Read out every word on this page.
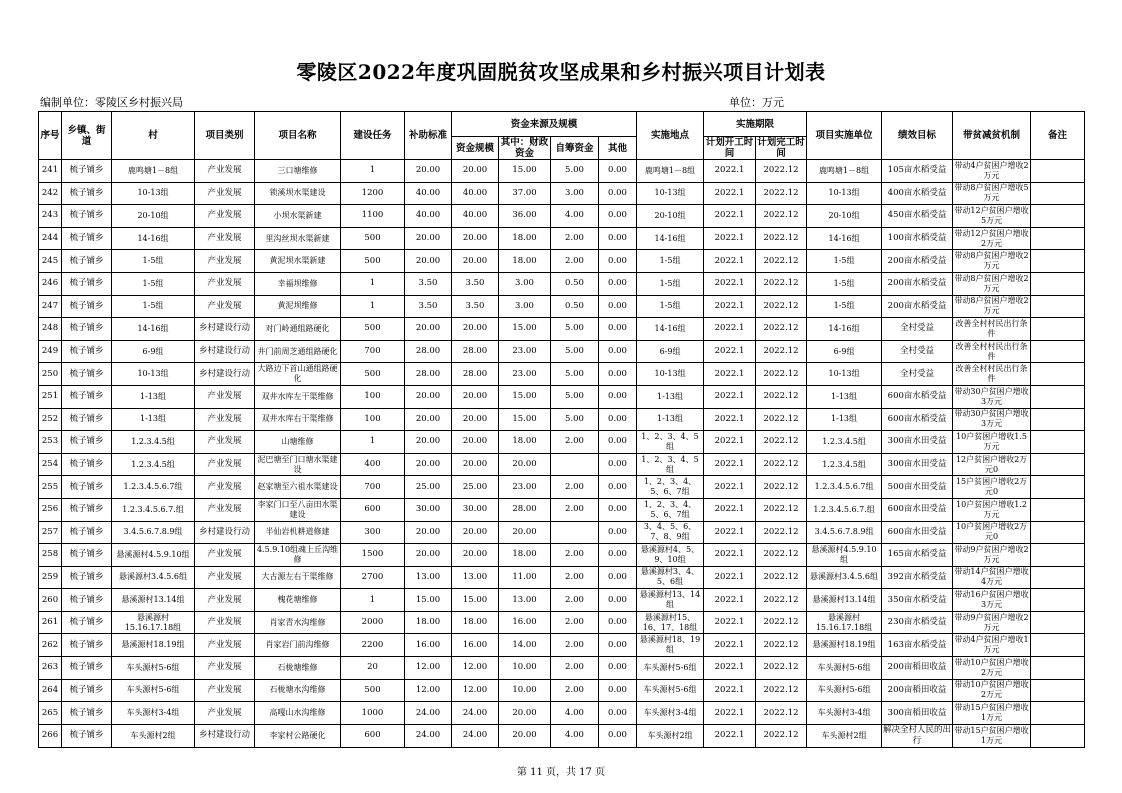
零陵区2022年度巩固脱贫攻坚成果和乡村振兴项目计划表
编制单位：零陵区乡村振兴局	单位：万元
序号	乡镇、街道	村	项目类别	项目名称	建设任务	补助标准	资金来源及规模				实施地点	实施期限		项目实施单位	绩效目标	带贫减贫机制	备注
							资金规模	其中：财政资金	自筹资金	其他		计划开工时间	计划完工时间				
241	梳子铺乡	鹿鸣塘1－8组	产业发展	三口塘维修	1	20.00	20.00	15.00	5.00	0.00	鹿鸣塘1－8组	2022.1	2022.12	鹿鸣塘1－8组	105亩水稻受益	带动4户贫困户增收2万元	
242	梳子铺乡	10-13组	产业发展	锁溪坝水渠建设	1200	40.00	40.00	37.00	3.00	0.00	10-13组	2022.1	2022.12	10-13组	400亩水稻受益	带动8户贫困户增收5万元	
243	梳子铺乡	20-10组	产业发展	小坝水渠新建	1100	40.00	40.00	36.00	4.00	0.00	20-10组	2022.1	2022.12	20-10组	450亩水稻受益	带动12户贫困户增收5万元	
244	梳子铺乡	14-16组	产业发展	里沟丝坝水渠新建	500	20.00	20.00	18.00	2.00	0.00	14-16组	2022.1	2022.12	14-16组	100亩水稻受益	带动12户贫困户增收2万元	
245	梳子铺乡	1-5组	产业发展	黄泥坝水渠新建	500	20.00	20.00	18.00	2.00	0.00	1-5组	2022.1	2022.12	1-5组	200亩水稻受益	带动8户贫困户增收2万元	
246	梳子铺乡	1-5组	产业发展	幸福坝维修	1	3.50	3.50	3.00	0.50	0.00	1-5组	2022.1	2022.12	1-5组	200亩水稻受益	带动8户贫困户增收2万元	
247	梳子铺乡	1-5组	产业发展	黄泥坝维修	1	3.50	3.50	3.00	0.50	0.00	1-5组	2022.1	2022.12	1-5组	200亩水稻受益	带动8户贫困户增收2万元	
248	梳子铺乡	14-16组	乡村建设行动	对门岭通组路硬化	500	20.00	20.00	15.00	5.00	0.00	14-16组	2022.1	2022.12	14-16组	全村受益	改善全村村民出行条件	
249	梳子铺乡	6-9组	乡村建设行动	井门前周芝通组路硬化	700	28.00	28.00	23.00	5.00	0.00	6-9组	2022.1	2022.12	6-9组	全村受益	改善全村村民出行条件	
250	梳子铺乡	10-13组	乡村建设行动	大路边下首山通组路硬化	500	28.00	28.00	23.00	5.00	0.00	10-13组	2022.1	2022.12	10-13组	全村受益	改善全村村民出行条件	
251	梳子铺乡	1-13组	产业发展	双井水库左干渠维修	100	20.00	20.00	15.00	5.00	0.00	1-13组	2022.1	2022.12	1-13组	600亩水稻受益	带动30户贫困户增收3万元	
252	梳子铺乡	1-13组	产业发展	双井水库右干渠维修	100	20.00	20.00	15.00	5.00	0.00	1-13组	2022.1	2022.12	1-13组	600亩水稻受益	带动30户贫困户增收3万元	
253	梳子铺乡	1.2.3.4.5组	产业发展	山塘维修	1	20.00	20.00	18.00	2.00	0.00	1、2、3、4、5组	2022.1	2022.12	1.2.3.4.5组	300亩水田受益	10户贫困户增收1.5万元	
254	梳子铺乡	1.2.3.4.5组	产业发展	泥巴塘至门口塘水渠建设	400	20.00	20.00	20.00		0.00	1、2、3、4、5组	2022.1	2022.12	1.2.3.4.5组	300亩水田受益	12户贫困户增收2万元0	
255	梳子铺乡	1.2.3.4.5.6.7组	产业发展	赵家塘至六祖水渠建设	700	25.00	25.00	23.00	2.00	0.00	1、2、3、4、5、6、7组	2022.1	2022.12	1.2.3.4.5.6.7组	500亩水田受益	15户贫困户增收2万元0	
256	梳子铺乡	1.2.3.4.5.6.7.组	产业发展	李家门口至八亩田水渠建设	600	30.00	30.00	28.00	2.00	0.00	1、2、3、4、5、6、7组	2022.1	2022.12	1.2.3.4.5.6.7.组	600亩水田受益	10户贫困户增收1.2万元	
257	梳子铺乡	3.4.5.6.7.8.9组	乡村建设行动	半仙岩机耕道修建	300	20.00	20.00	20.00		0.00	3、4、5、6、7、8、9组	2022.1	2022.12	3.4.5.6.7.8.9组	600亩水田受益	10户贫困户增收2万元0	
258	梳子铺乡	悬溪源村4.5.9.10组	产业发展	4.5.9.10组魂上丘沟维修	1500	20.00	20.00	18.00	2.00	0.00	悬溪源村4、5、9、10组	2022.1	2022.12	悬溪源村4.5.9.10组	165亩水稻受益	带动9户贫困户增收2万元	
259	梳子铺乡	悬溪源村3.4.5.6组	产业发展	大古源左右干渠维修	2700	13.00	13.00	11.00	2.00	0.00	悬溪源村3、4、5、6组	2022.1	2022.12	悬溪源村3.4.5.6组	392亩水稻受益	带动14户贫困户增收4万元	
260	梳子铺乡	悬溪源村13.14组	产业发展	槐花塘维修	1	15.00	15.00	13.00	2.00	0.00	悬溪源村13、14组	2022.1	2022.12	悬溪源村13.14组	350亩水稻受益	带动16户贫困户增收3万元	
261	梳子铺乡	悬溪源村15.16.17.18组	产业发展	肖家青水沟维修	2000	18.00	18.00	16.00	2.00	0.00	悬溪源村15、16、17、18组	2022.1	2022.12	悬溪源村15.16.17.18组	230亩水稻受益	带动9户贫困户增收2万元	
262	梳子铺乡	悬溪源村18.19组	产业发展	肖家岩门前沟维修	2200	16.00	16.00	14.00	2.00	0.00	悬溪源村18、19组	2022.1	2022.12	悬溪源村18.19组	163亩水稻受益	带动4户贫困户增收1万元	
263	梳子铺乡	车头源村5-6组	产业发展	石栊塘维修	20	12.00	12.00	10.00	2.00	0.00	车头源村5-6组	2022.1	2022.12	车头源村5-6组	200亩稻田收益	带动10户贫困户增收2万元	
264	梳子铺乡	车头源村5-6组	产业发展	石栊塘水沟维修	500	12.00	12.00	10.00	2.00	0.00	车头源村5-6组	2022.1	2022.12	车头源村5-6组	200亩稻田收益	带动10户贫困户增收2万元	
265	梳子铺乡	车头源村3-4组	产业发展	高嘎山水沟维修	1000	24.00	24.00	20.00	4.00	0.00	车头源村3-4组	2022.1	2022.12	车头源村3-4组	300亩稻田收益	带动15户贫困户增收1万元	
266	梳子铺乡	车头源村2组	乡村建设行动	李家村公路硬化	600	24.00	24.00	20.00	4.00	0.00	车头源村2组	2022.1	2022.12	车头源村2组	解决全村人民的出行	带动15户贫困户增收1万元	
第 11 页，共 17 页
